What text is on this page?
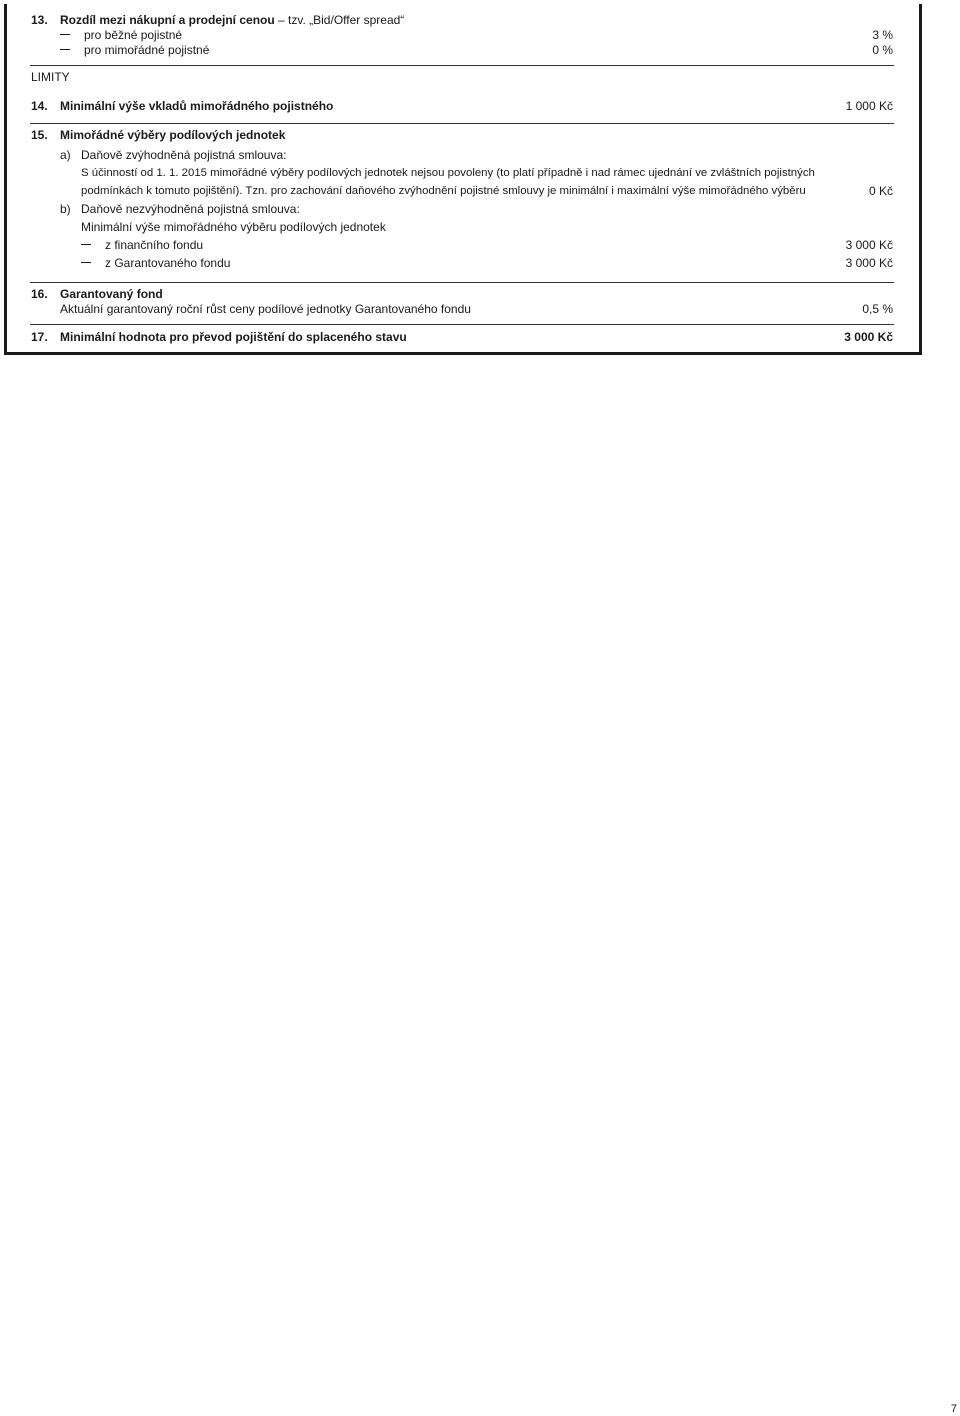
13. Rozdíl mezi nákupní a prodejní cenou – tzv. „Bid/Offer spread“
pro běžné pojistné	3 %
pro mimořádné pojistné	0 %
LIMITY
14. Minimální výše vkladů mimořádného pojistného	1 000 Kč
15. Mimořádné výběry podílových jednotek
a) Daňově zvýhodněná pojistná smlouva:
S účinností od 1. 1. 2015 mimořádné výběry podílových jednotek nejsou povoleny (to platí případně i nad rámec ujednání ve zvláštních pojistných
podmínkách k tomuto pojištění). Tzn. pro zachování daňového zvýhodnění pojistné smlouvy je minimální i maximální výše mimořádného výběru	0 Kč
b) Daňově nezvýhodněná pojistná smlouva:
Minimální výše mimořádného výběru podílových jednotek
z finančního fondu	3 000 Kč
z Garantovaného fondu	3 000 Kč
16. Garantovaný fond
Aktuální garantovaný roční růst ceny podílové jednotky Garantovaného fondu	0,5 %
17. Minimální hodnota pro převod pojištění do splaceného stavu	3 000 Kč
7
